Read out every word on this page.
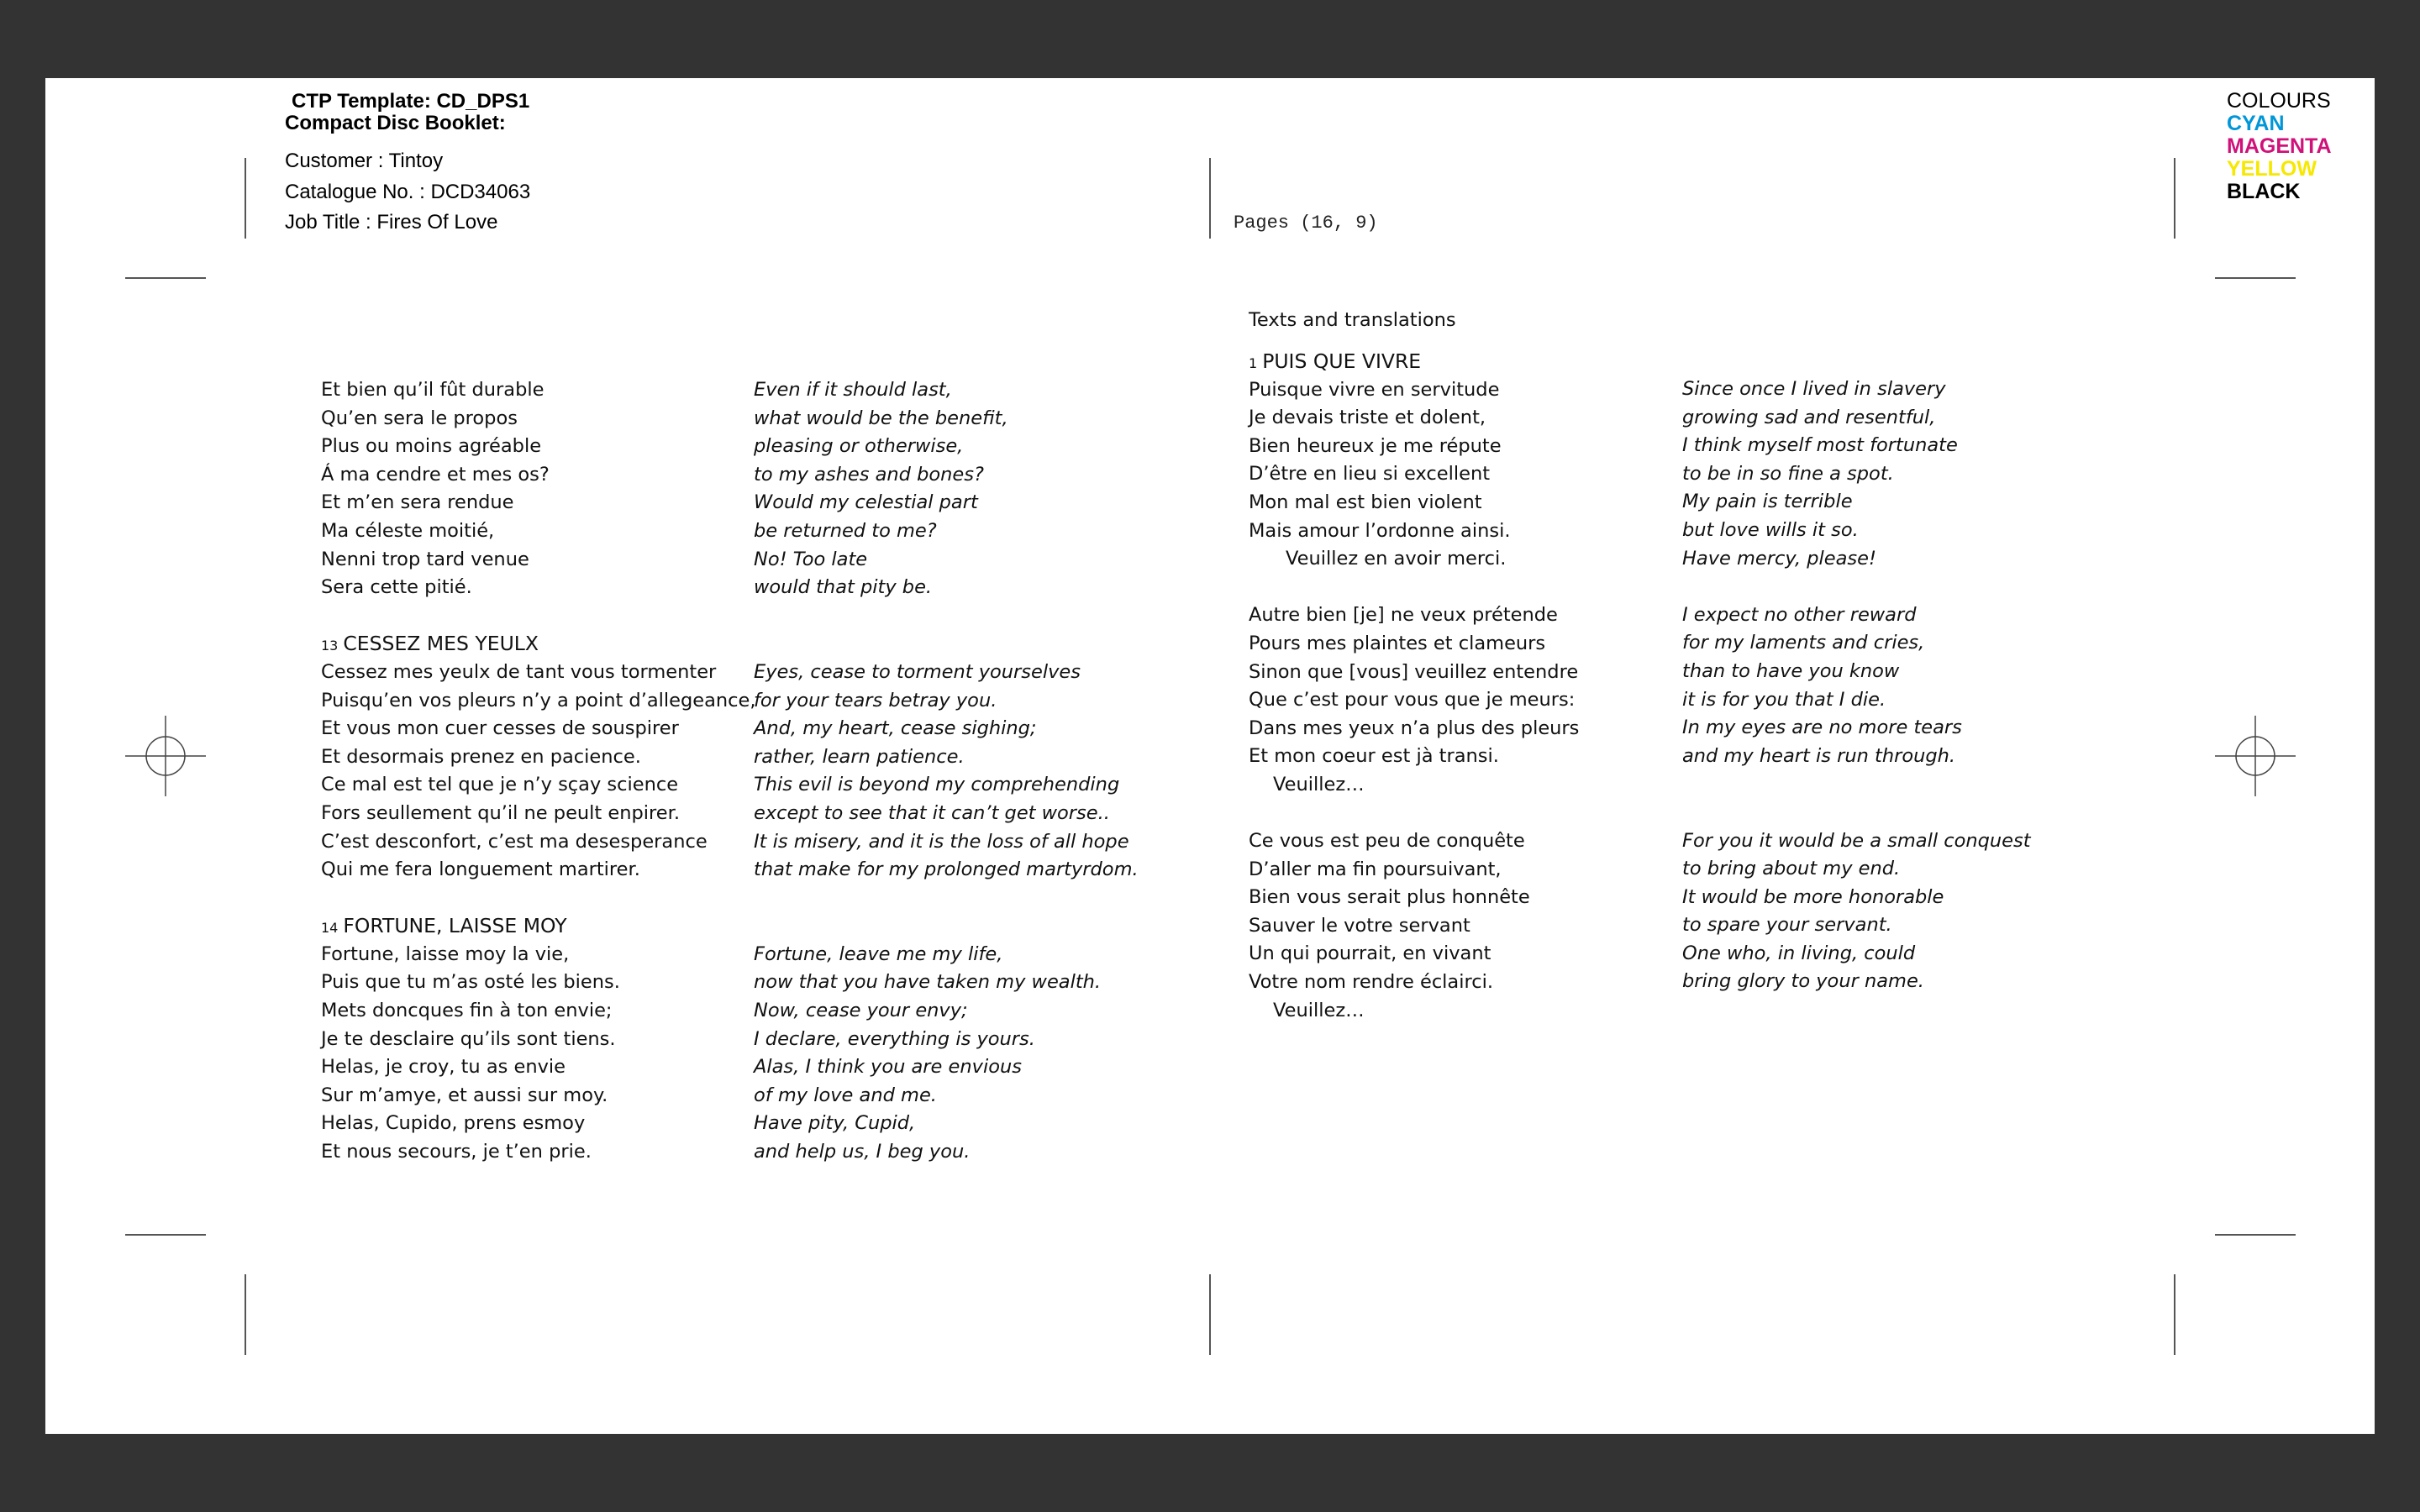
CTP Template: CD_DPS1
Compact Disc Booklet:
Customer : Tintoy
Catalogue No. : DCD34063
Job Title : Fires Of Love	Pages (16, 9)
COLOURS
CYAN
MAGENTA
YELLOW
BLACK
Et bien qu’il fût durable
Qu’en sera le propos
Plus ou moins agréable
Á ma cendre et mes os?
Et m’en sera rendue
Ma céleste moitié,
Nenni trop tard venue
Sera cette pitié.
13 CESSEZ MES YEULX
Cessez mes yeulx de tant vous tormenter
Puisqu’en vos pleurs n’y a point d’allegeance,
Et vous mon cuer cesses de souspirer
Et desormais prenez en pacience.
Ce mal est tel que je n’y sçay science
Fors seullement qu’il ne peult enpirer.
C’est desconfort, c’est ma desesperance
Qui me fera longuement martirer.
14 FORTUNE, LAISSE MOY
Fortune, laisse moy la vie,
Puis que tu m’as osté les biens.
Mets doncques fin à ton envie;
Je te desclaire qu’ils sont tiens.
Helas, je croy, tu as envie
Sur m’amye, et aussi sur moy.
Helas, Cupido, prens esmoy
Et nous secours, je t’en prie.
Even if it should last,
what would be the benefit,
pleasing or otherwise,
to my ashes and bones?
Would my celestial part
be returned to me?
No! Too late
would that pity be.
Eyes, cease to torment yourselves
for your tears betray you.
And, my heart, cease sighing;
rather, learn patience.
This evil is beyond my comprehending
except to see that it can’t get worse..
It is misery, and it is the loss of all hope
that make for my prolonged martyrdom.
Fortune, leave me my life,
now that you have taken my wealth.
Now, cease your envy;
I declare, everything is yours.
Alas, I think you are envious
of my love and me.
Have pity, Cupid,
and help us, I beg you.
Texts and translations
1 PUIS QUE VIVRE
Puisque vivre en servitude
Je devais triste et dolent,
Bien heureux je me répute
D’être en lieu si excellent
Mon mal est bien violent
Mais amour l’ordonne ainsi.
Veuillez en avoir merci.
Autre bien [je] ne veux prétende
Pours mes plaintes et clameurs
Sinon que [vous] veuillez entendre
Que c’est pour vous que je meurs:
Dans mes yeux n’a plus des pleurs
Et mon coeur est jà transi.
Veuillez…
Ce vous est peu de conquête
D’aller ma fin poursuivant,
Bien vous serait plus honnête
Sauver le votre servant
Un qui pourrait, en vivant
Votre nom rendre éclairci.
Veuillez…
Since once I lived in slavery
growing sad and resentful,
I think myself most fortunate
to be in so fine a spot.
My pain is terrible
but love wills it so.
Have mercy, please!
I expect no other reward
for my laments and cries,
than to have you know
it is for you that I die.
In my eyes are no more tears
and my heart is run through.
For you it would be a small conquest
to bring about my end.
It would be more honorable
to spare your servant.
One who, in living, could
bring glory to your name.
